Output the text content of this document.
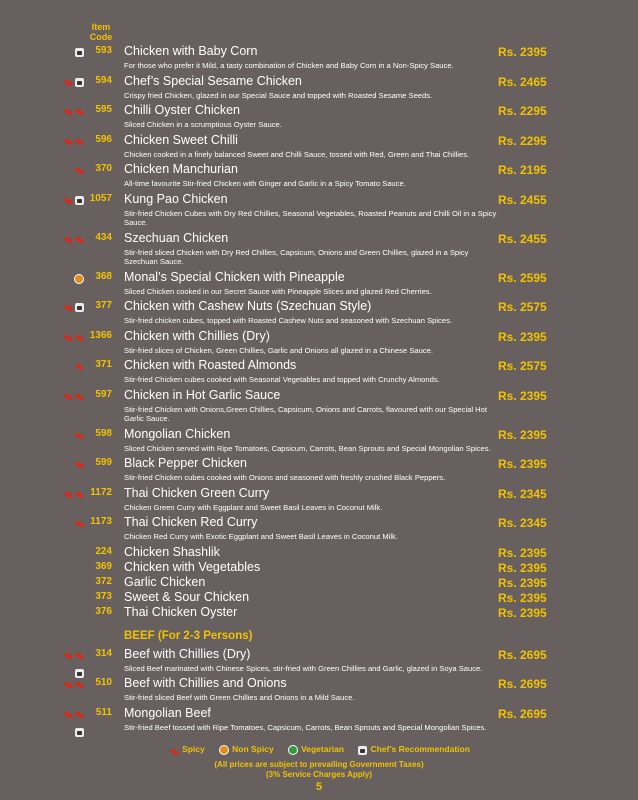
Item Code
593 Chicken with Baby Corn	Rs. 2395
For those who prefer it Mild, a tasty combination of Chicken and Baby Corn in a Non-Spicy Sauce.
594 Chef’s Special Sesame Chicken	Rs. 2465
Crispy fried Chicken, glazed in our Special Sauce and topped with Roasted Sesame Seeds.
595 Chilli Oyster Chicken	Rs. 2295
Sliced Chicken in a scrumptious Oyster Sauce.
596 Chicken Sweet Chilli	Rs. 2295
Chicken cooked in a finely balanced Sweet and Chilli Sauce, tossed with Red, Green and Thai Chillies.
370 Chicken Manchurian	Rs. 2195
All-time favourite Stir-fried Chicken with Ginger and Garlic in a Spicy Tomato Sauce.
1057 Kung Pao Chicken	Rs. 2455
Stir-fried Chicken Cubes with Dry Red Chillies, Seasonal Vegetables, Roasted Peanuts and Chilli Oil in a Spicy Sauce.
434 Szechuan Chicken	Rs. 2455
Stir-fried sliced Chicken with Dry Red Chillies, Capsicum, Onions and Green Chillies, glazed in a Spicy Szechuan Sauce.
368 Monal’s Special Chicken with Pineapple	Rs. 2595
Sliced Chicken cooked in our Secret Sauce with Pineapple Slices and glazed Red Cherries.
377 Chicken with Cashew Nuts (Szechuan Style)	Rs. 2575
Stir-fried chicken cubes, topped with Roasted Cashew Nuts and seasoned with Szechuan Spices.
1366 Chicken with Chillies (Dry)	Rs. 2395
Stir-fried slices of Chicken, Green Chillies, Garlic and Onions all glazed in a Chinese Sauce.
371 Chicken with Roasted Almonds	Rs. 2575
Stir-fried Chicken cubes cooked with Seasonal Vegetables and topped with Crunchy Almonds.
597 Chicken in Hot Garlic Sauce	Rs. 2395
Stir-fried Chicken with Onions,Green Chillies, Capsicum, Onions and Carrots, flavoured with our Special Hot Garlic Sauce.
598 Mongolian Chicken	Rs. 2395
Sliced Chicken served with Ripe Tomatoes, Capsicum, Carrots, Bean Sprouts and Special Mongolian Spices.
599 Black Pepper Chicken	Rs. 2395
Stir-fried Chicken cubes cooked with Onions and seasoned with freshly crushed Black Peppers.
1172 Thai Chicken Green Curry	Rs. 2345
Chicken Green Curry with Eggplant and Sweet Basil Leaves in Coconut Milk.
1173 Thai Chicken Red Curry	Rs. 2345
Chicken Red Curry with Exotic Eggplant and Sweet Basil Leaves in Coconut Milk.
224 Chicken Shashlik	Rs. 2395
369 Chicken with Vegetables	Rs. 2395
372 Garlic Chicken	Rs. 2395
373 Sweet & Sour Chicken	Rs. 2395
376 Thai Chicken Oyster	Rs. 2395
BEEF (For 2-3 Persons)
314 Beef with Chillies (Dry)	Rs. 2695
Sliced Beef marinated with Chinese Spices, stir-fried with Green Chillies and Garlic, glazed in Soya Sauce.
510 Beef with Chillies and Onions	Rs. 2695
Stir-fried sliced Beef with Green Chillies and Onions in a Mild Sauce.
511 Mongolian Beef	Rs. 2695
Stir-fried Beef tossed with Ripe Tomatoes, Capsicum, Carrots, Bean Sprouts and Special Mongolian Spices.
Spicy	Non Spicy	Vegetarian	Chef’s Recommendation
(All prices are subject to prevailing Government Taxes)
(3% Service Charges Apply)
5
